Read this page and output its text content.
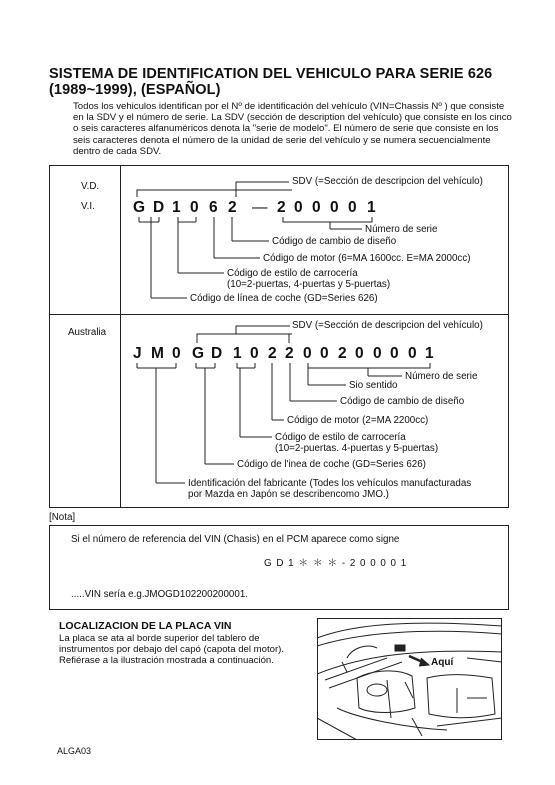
SISTEMA DE IDENTIFICATION DEL VEHICULO PARA SERIE 626
(1989~1999), (ESPAÑOL)
Todos los vehiculos identifican por el Nº de identificación del vehículo (VIN=Chassis Nº ) que consiste en la SDV y el número de serie. La SDV (sección de description del vehículo) que consiste en los cinco o seis caracteres alfanuméricos denota la "serie de modelo". El número de serie que consiste en los seis caracteres denota el número de la unidad de serie del vehículo y se numera secuencialmente dentro de cada SDV.
V.D.
V.I. G D 1 0 6 2 — 2 0 0 0 0 1
SDV (=Sección de descripcion del vehículo)
Número de serie
Código de cambio de diseño
Código de motor (6=MA 1600cc. E=MA 2000cc)
Código de estilo de carrocería
(10=2-puertas, 4-puertas y 5-puertas)
Código de línea de coche (GD=Series 626)
Australia
J M 0 G D 1 0 2 2 0 0 2 0 0 0 0 1
SDV (=Sección de descripcion del vehículo)
Número de serie
Sio sentido
Código de cambio de diseño
Código de motor (2=MA 2200cc)
Código de estilo de carrocería
(10=2-puertas. 4-puertas y 5-puertas)
Código de l'inea de coche (GD=Series 626)
Identificación del fabricante (Todes los vehículos manufacturadas
por Mazda en Japón se describencomo JMO.)
[Nota]
Si el número de referencia del VIN (Chasis) en el PCM aparece como signe
G D 1 ＊ ＊ ＊ - 2 0 0 0 0 1
.....VIN sería e.g.JMOGD102200200001.
LOCALIZACION DE LA PLACA VIN
La placa se ata al borde superior del tablero de instrumentos por debajo del capó (capota del motor). Refiérase a la ilustración mostrada a continuación.	Aquí
ALGA03
